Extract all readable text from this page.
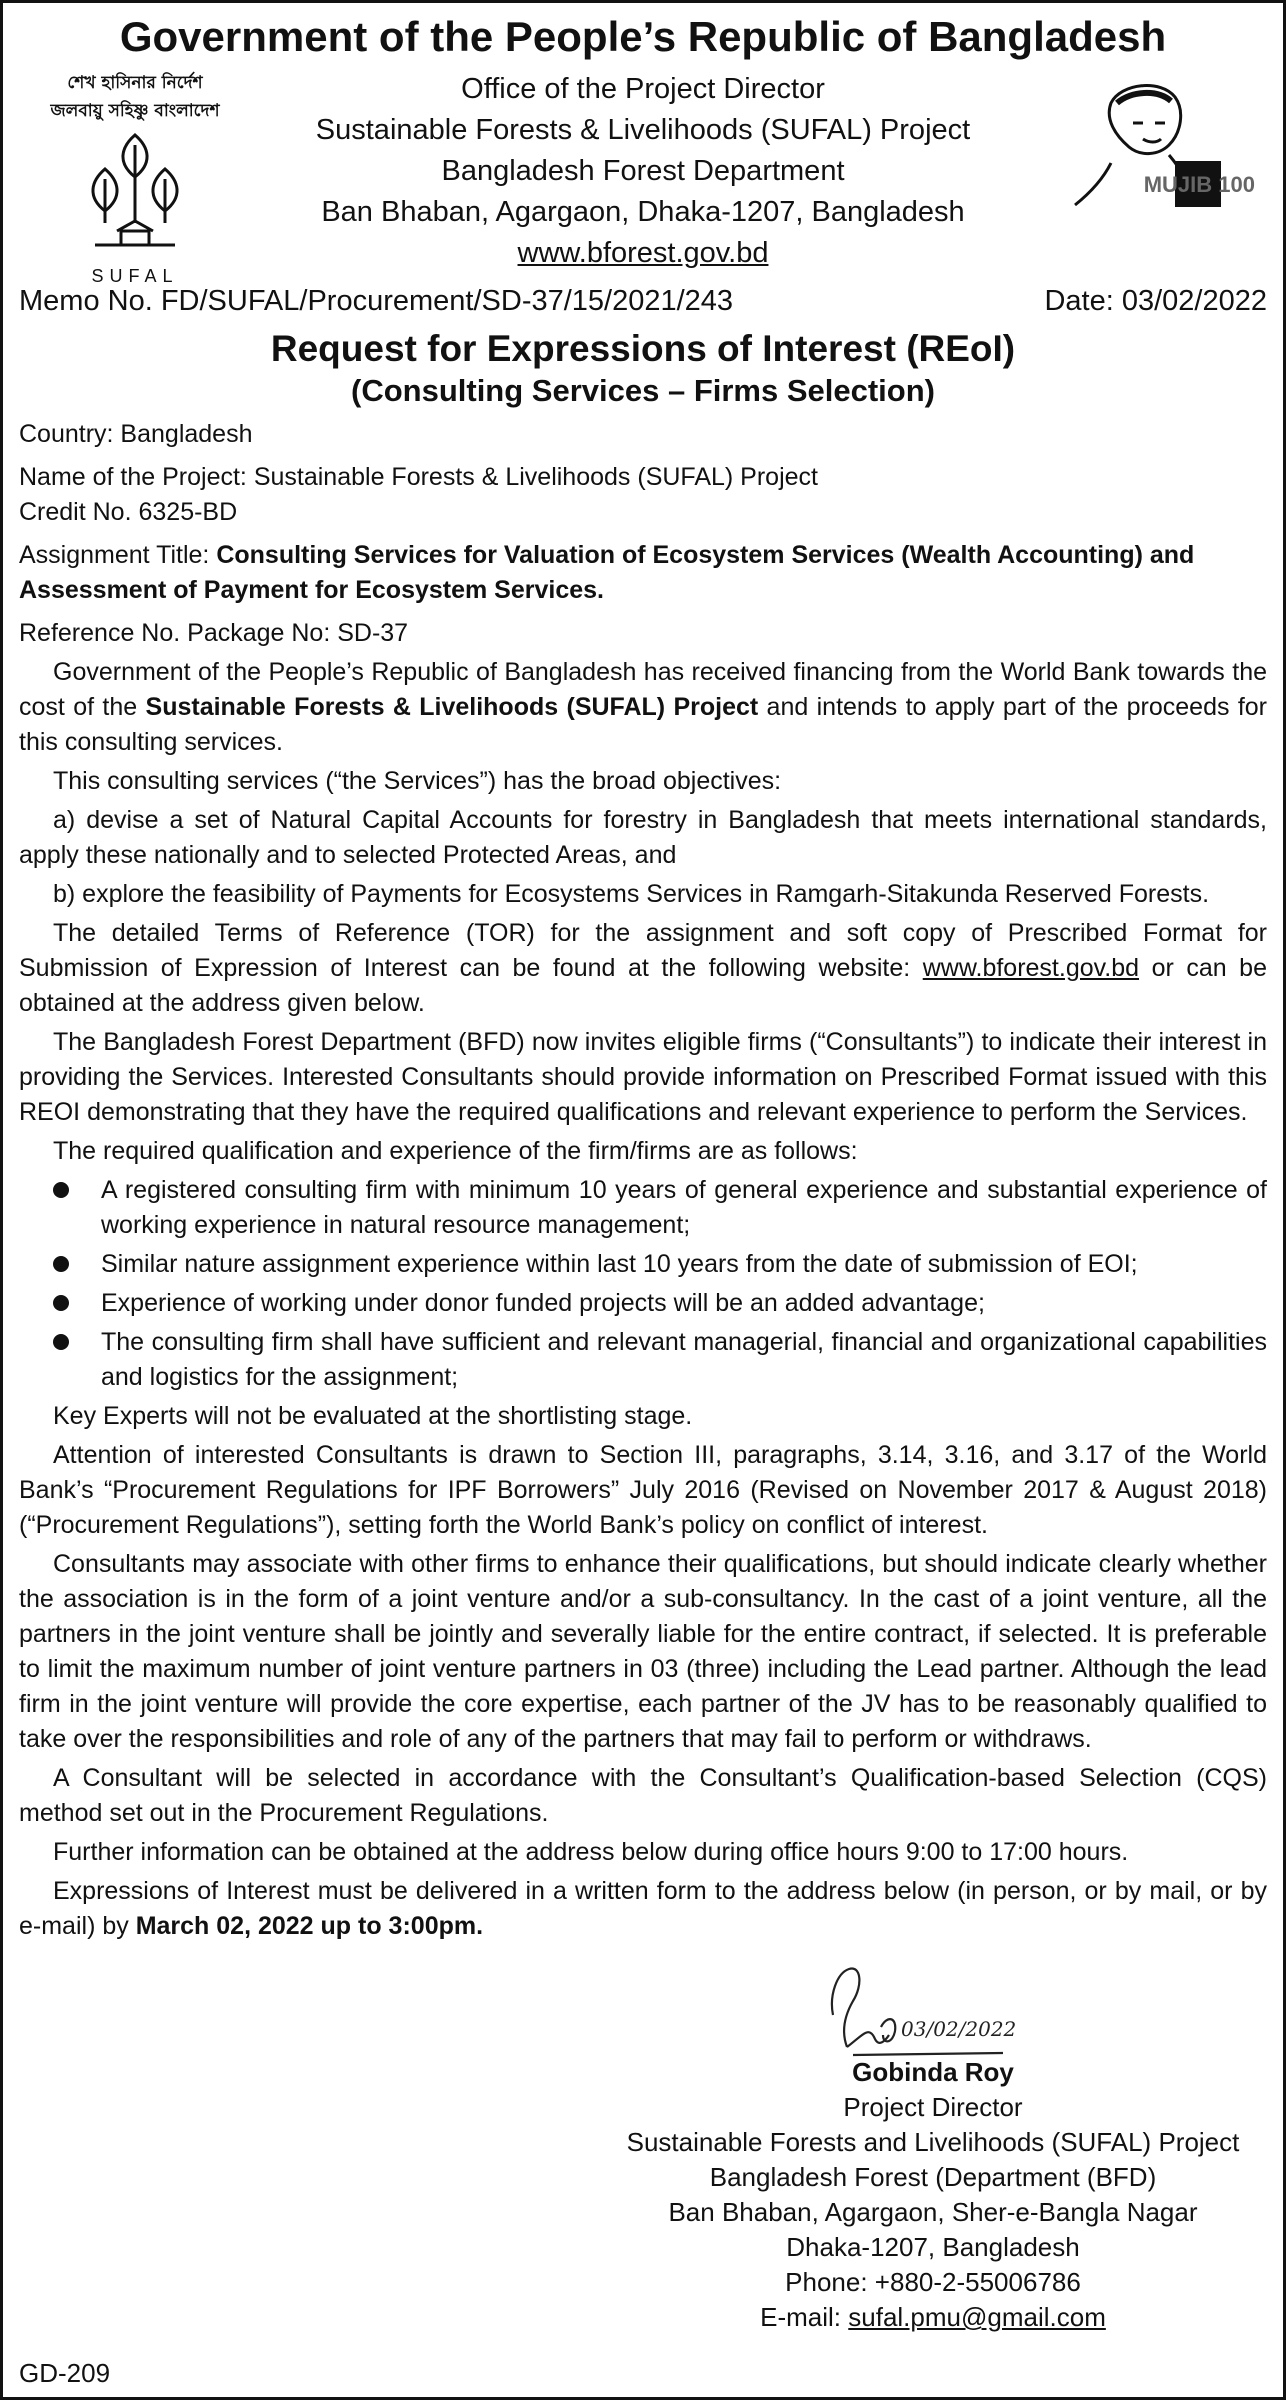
Government of the People’s Republic of Bangladesh
শেখ হাসিনার নির্দেশ
জলবায়ু সহিষ্ণু বাংলাদেশ
SUFAL
Office of the Project Director
Sustainable Forests & Livelihoods (SUFAL) Project
Bangladesh Forest Department
Ban Bhaban, Agargaon, Dhaka-1207, Bangladesh
www.bforest.gov.bd
MUJIB 100
Memo No. FD/SUFAL/Procurement/SD-37/15/2021/243	Date: 03/02/2022
Request for Expressions of Interest (REoI)
(Consulting Services – Firms Selection)

Country: Bangladesh

Name of the Project: Sustainable Forests & Livelihoods (SUFAL) Project

Credit No. 6325-BD

Assignment Title: Consulting Services for Valuation of Ecosystem Services (Wealth Accounting) and Assessment of Payment for Ecosystem Services.

Reference No. Package No: SD-37

Government of the People’s Republic of Bangladesh has received financing from the World Bank towards the cost of the Sustainable Forests & Livelihoods (SUFAL) Project and intends to apply part of the proceeds for this consulting services.

This consulting services (“the Services”) has the broad objectives:

a) devise a set of Natural Capital Accounts for forestry in Bangladesh that meets international standards, apply these nationally and to selected Protected Areas, and

b) explore the feasibility of Payments for Ecosystems Services in Ramgarh-Sitakunda Reserved Forests.

The detailed Terms of Reference (TOR) for the assignment and soft copy of Prescribed Format for Submission of Expression of Interest can be found at the following website: www.bforest.gov.bd or can be obtained at the address given below.

The Bangladesh Forest Department (BFD) now invites eligible firms (“Consultants”) to indicate their interest in providing the Services. Interested Consultants should provide information on Prescribed Format issued with this REOI demonstrating that they have the required qualifications and relevant experience to perform the Services.

The required qualification and experience of the firm/firms are as follows:

A registered consulting firm with minimum 10 years of general experience and substantial experience of working experience in natural resource management;
Similar nature assignment experience within last 10 years from the date of submission of EOI;
Experience of working under donor funded projects will be an added advantage;
The consulting firm shall have sufficient and relevant managerial, financial and organizational capabilities and logistics for the assignment;

Key Experts will not be evaluated at the shortlisting stage.

Attention of interested Consultants is drawn to Section III, paragraphs, 3.14, 3.16, and 3.17 of the World Bank’s “Procurement Regulations for IPF Borrowers” July 2016 (Revised on November 2017 & August 2018) (“Procurement Regulations”), setting forth the World Bank’s policy on conflict of interest.

Consultants may associate with other firms to enhance their qualifications, but should indicate clearly whether the association is in the form of a joint venture and/or a sub-consultancy. In the cast of a joint venture, all the partners in the joint venture shall be jointly and severally liable for the entire contract, if selected. It is preferable to limit the maximum number of joint venture partners in 03 (three) including the Lead partner. Although the lead firm in the joint venture will provide the core expertise, each partner of the JV has to be reasonably qualified to take over the responsibilities and role of any of the partners that may fail to perform or withdraws.

A Consultant will be selected in accordance with the Consultant’s Qualification-based Selection (CQS) method set out in the Procurement Regulations.

Further information can be obtained at the address below during office hours 9:00 to 17:00 hours.

Expressions of Interest must be delivered in a written form to the address below (in person, or by mail, or by e-mail) by March 02, 2022 up to 3:00pm.

03/02/2022
Gobinda Roy
Project Director
Sustainable Forests and Livelihoods (SUFAL) Project
Bangladesh Forest (Department (BFD)
Ban Bhaban, Agargaon, Sher-e-Bangla Nagar
Dhaka-1207, Bangladesh
Phone: +880-2-55006786
E-mail: sufal.pmu@gmail.com
GD-209
